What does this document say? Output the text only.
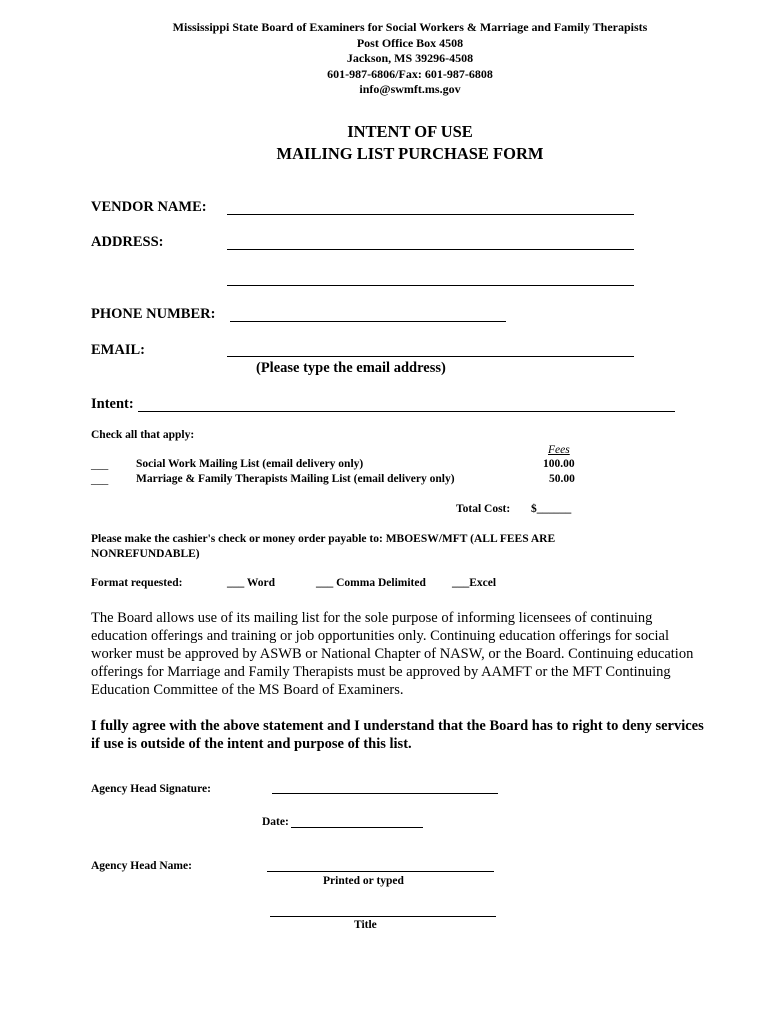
Mississippi State Board of Examiners for Social Workers & Marriage and Family Therapists
Post Office Box 4508
Jackson, MS 39296-4508
601-987-6806/Fax: 601-987-6808
info@swmft.ms.gov
INTENT OF USE
MAILING LIST PURCHASE FORM
VENDOR NAME:
ADDRESS:
PHONE NUMBER:
EMAIL:
(Please type the email address)
Intent:
Check all that apply:
Fees
___ Social Work Mailing List (email delivery only)	100.00
___ Marriage & Family Therapists Mailing List (email delivery only)	50.00
Total Cost: $______
Please make the cashier's check or money order payable to: MBOESW/MFT (ALL FEES ARE NONREFUNDABLE)
Format requested:	___ Word	___ Comma Delimited ___Excel
The Board allows use of its mailing list for the sole purpose of informing licensees of continuing education offerings and training or job opportunities only. Continuing education offerings for social worker must be approved by ASWB or National Chapter of NASW, or the Board. Continuing education offerings for Marriage and Family Therapists must be approved by AAMFT or the MFT Continuing Education Committee of the MS Board of Examiners.
I fully agree with the above statement and I understand that the Board has to right to deny services if use is outside of the intent and purpose of this list.
Agency Head Signature:
Date:
Agency Head Name:
Printed or typed
Title
